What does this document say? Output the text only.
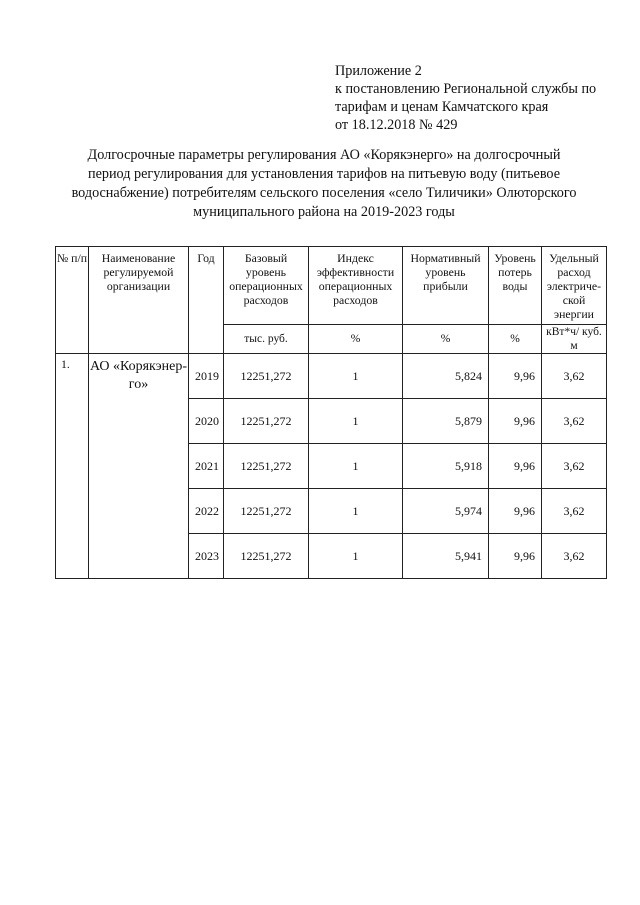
Приложение 2
к постановлению Региональной службы по
тарифам и ценам Камчатского края
от 18.12.2018 № 429
Долгосрочные параметры регулирования АО «Корякэнерго» на долгосрочный
период регулирования для установления тарифов на питьевую воду (питьевое
водоснабжение) потребителям сельского поселения «село Тиличики» Олюторского
муниципального района на 2019-2023 годы
№ п/п	Наименование регулируемой организации	Год	Базовый уровень операционных расходов	Индекс эффективности операционных расходов	Нормативный уровень прибыли	Уровень потерь воды	Удельный расход электриче-ской энергии
			тыс. руб.	%	%	%	кВт*ч/ куб. м
1.	АО «Корякэнер-го»	2019	12251,272	1	5,824	9,96	3,62
		2020	12251,272	1	5,879	9,96	3,62
		2021	12251,272	1	5,918	9,96	3,62
		2022	12251,272	1	5,974	9,96	3,62
		2023	12251,272	1	5,941	9,96	3,62
